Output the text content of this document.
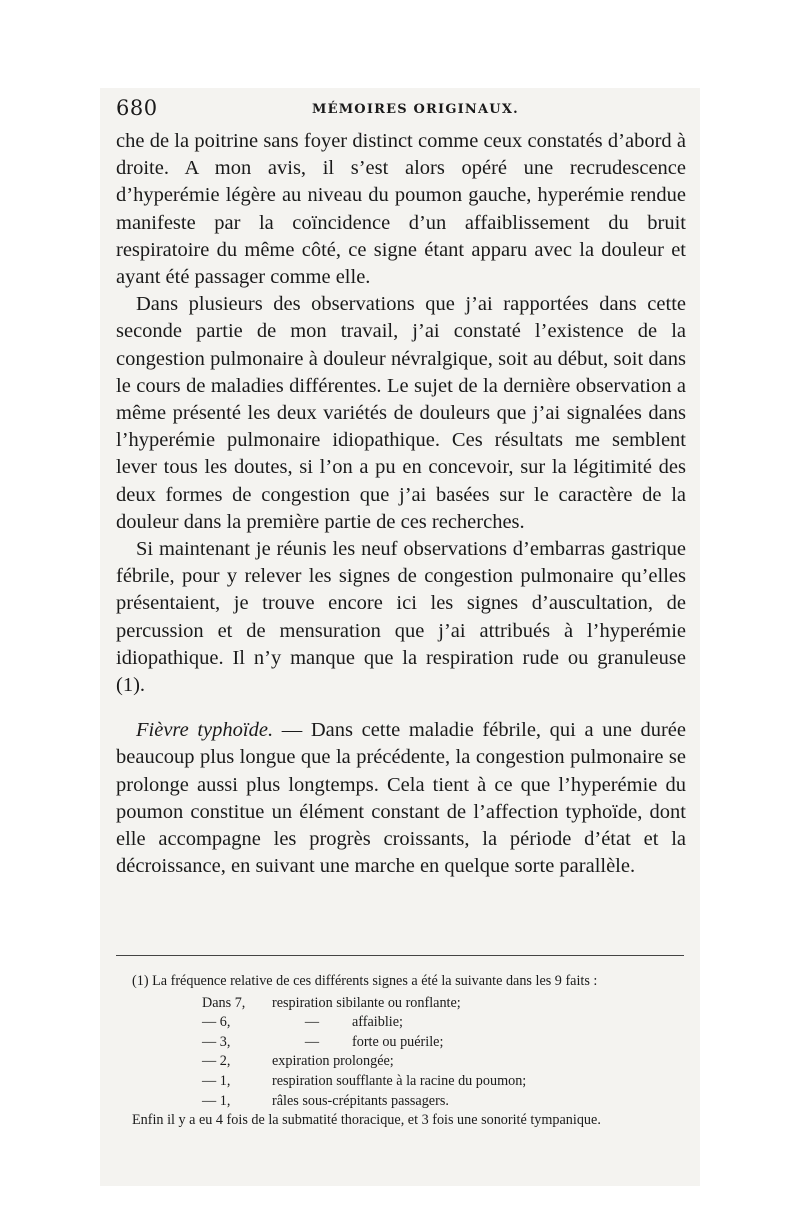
680	MÉMOIRES ORIGINAUX.

che de la poitrine sans foyer distinct comme ceux constatés d’abord à droite. A mon avis, il s’est alors opéré une recrudescence d’hyperémie légère au niveau du poumon gauche, hyperémie rendue manifeste par la coïncidence d’un affaiblissement du bruit respiratoire du même côté, ce signe étant apparu avec la douleur et ayant été passager comme elle.

Dans plusieurs des observations que j’ai rapportées dans cette seconde partie de mon travail, j’ai constaté l’existence de la congestion pulmonaire à douleur névralgique, soit au début, soit dans le cours de maladies différentes. Le sujet de la dernière observation a même présenté les deux variétés de douleurs que j’ai signalées dans l’hyperémie pulmonaire idiopathique. Ces résultats me semblent lever tous les doutes, si l’on a pu en concevoir, sur la légitimité des deux formes de congestion que j’ai basées sur le caractère de la douleur dans la première partie de ces recherches.

Si maintenant je réunis les neuf observations d’embarras gastrique fébrile, pour y relever les signes de congestion pulmonaire qu’elles présentaient, je trouve encore ici les signes d’auscultation, de percussion et de mensuration que j’ai attribués à l’hyperémie idiopathique. Il n’y manque que la respiration rude ou granuleuse (1).

Fièvre typhoïde. — Dans cette maladie fébrile, qui a une durée beaucoup plus longue que la précédente, la congestion pulmonaire se prolonge aussi plus longtemps. Cela tient à ce que l’hyperémie du poumon constitue un élément constant de l’affection typhoïde, dont elle accompagne les progrès croissants, la période d’état et la décroissance, en suivant une marche en quelque sorte parallèle.

(1) La fréquence relative de ces différents signes a été la suivante dans les 9 faits :

Dans 7, respiration sibilante ou ronflante;
— 6,	— affaiblie;
— 3,	— forte ou puérile;
— 2,	expiration prolongée;
— 1,	respiration soufflante à la racine du poumon;
— 1,	râles sous-crépitants passagers.

Enfin il y a eu 4 fois de la submatité thoracique, et 3 fois une sonorité tympanique.
